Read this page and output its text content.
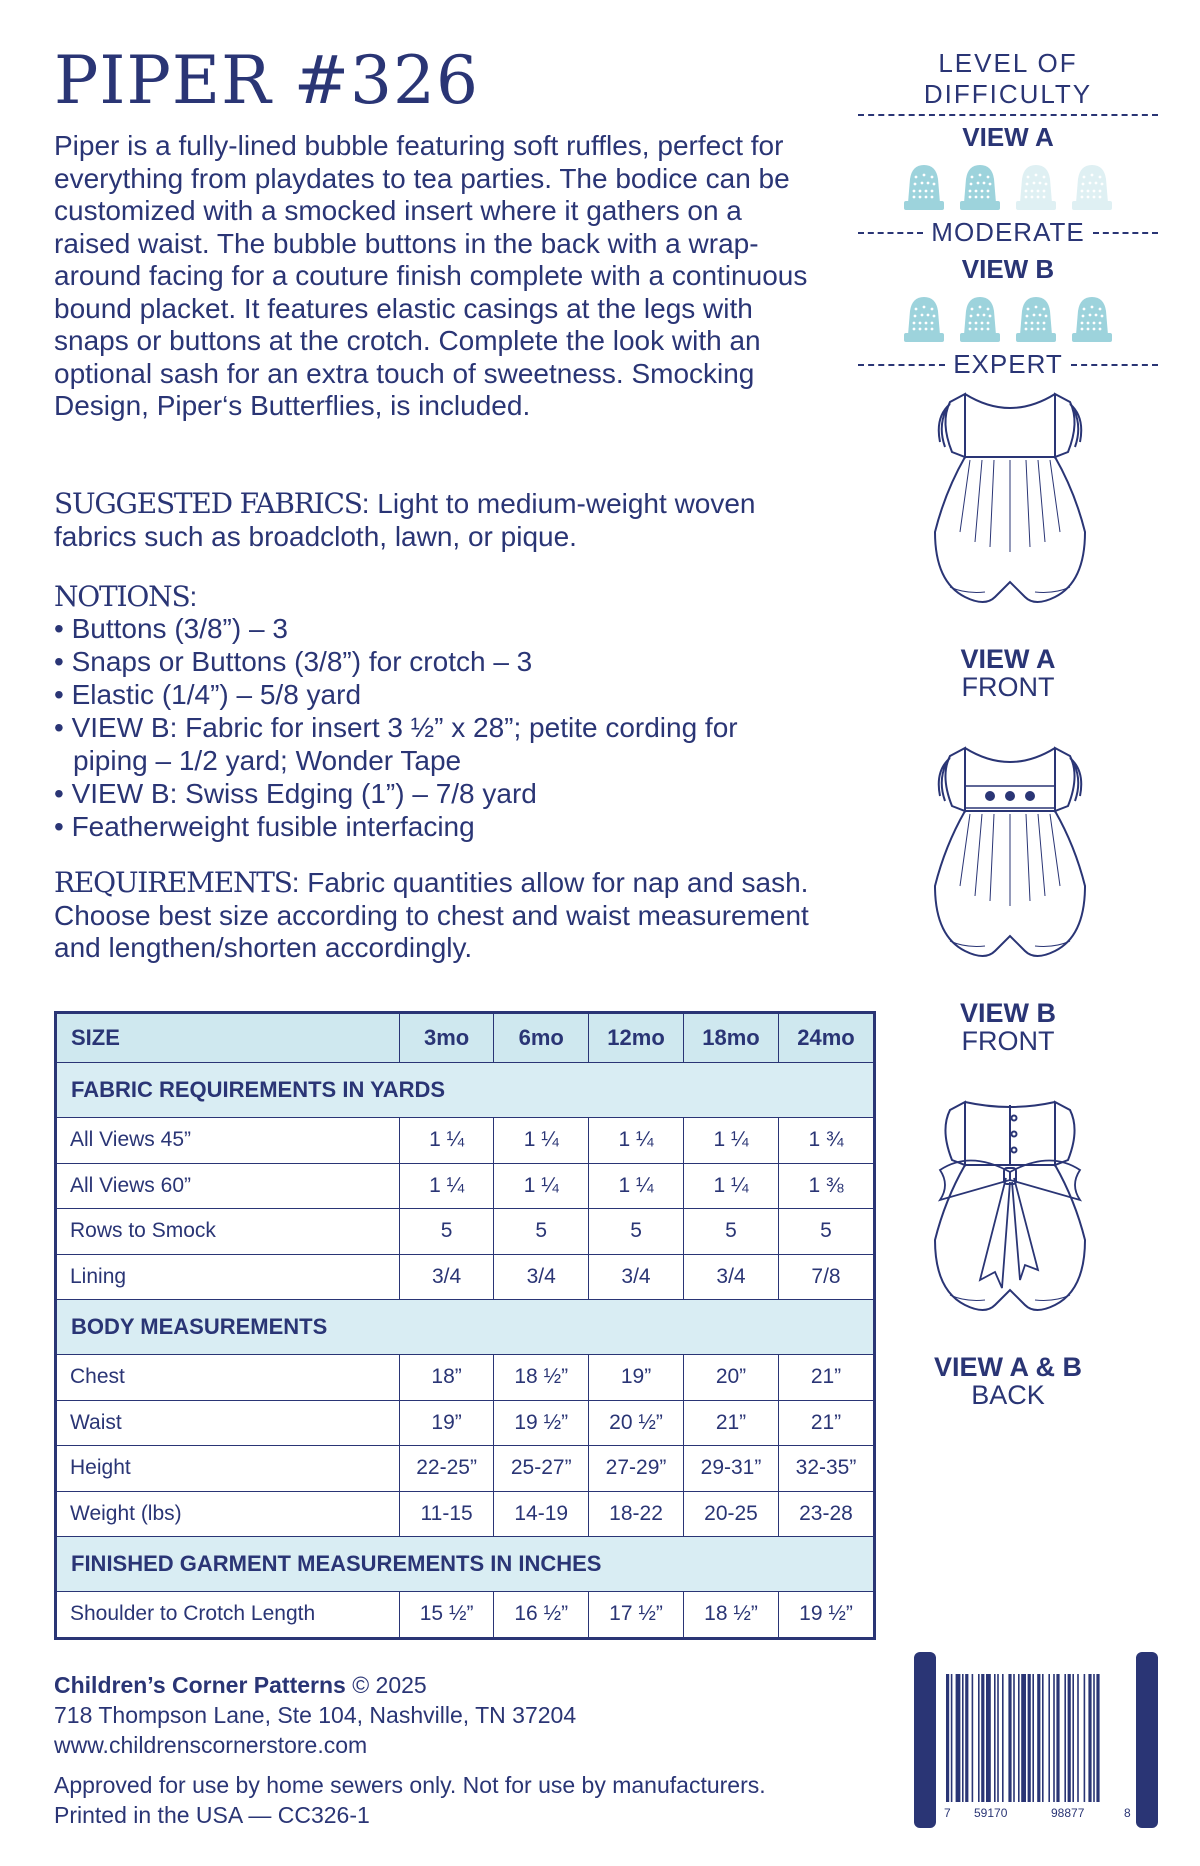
PIPER #326

Piper is a fully-lined bubble featuring soft ruffles, perfect for everything from playdates to tea parties. The bodice can be customized with a smocked insert where it gathers on a raised waist. The bubble buttons in the back with a wrap-around facing for a couture finish complete with a continuous bound placket. It features elastic casings at the legs with snaps or buttons at the crotch. Complete the look with an optional sash for an extra touch of sweetness. Smocking Design, Piper‘s Butterflies, is included.

SUGGESTED FABRICS: Light to medium-weight woven fabrics such as broadcloth, lawn, or pique.

NOTIONS:

• Buttons (3/8”) – 3
• Snaps or Buttons (3/8”) for crotch – 3
• Elastic (1/4”) – 5/8 yard
• VIEW B: Fabric for insert 3 ½” x 28”; petite cording for piping – 1/2 yard; Wonder Tape
• VIEW B: Swiss Edging (1”) – 7/8 yard
• Featherweight fusible interfacing

REQUIREMENTS: Fabric quantities allow for nap and sash. Choose best size according to chest and waist measurement and lengthen/shorten accordingly.

SIZE	3mo	6mo	12mo	18mo	24mo
FABRIC REQUIREMENTS IN YARDS					
All Views 45”	1 ¼	1 ¼	1 ¼	1 ¼	1 ¾
All Views 60”	1 ¼	1 ¼	1 ¼	1 ¼	1 ⅜
Rows to Smock	5	5	5	5	5
Lining	3/4	3/4	3/4	3/4	7/8
BODY MEASUREMENTS					
Chest	18”	18 ½”	19”	20”	21”
Waist	19”	19 ½”	20 ½”	21”	21”
Height	22-25”	25-27”	27-29”	29-31”	32-35”
Weight (lbs)	11-15	14-19	18-22	20-25	23-28
FINISHED GARMENT MEASUREMENTS IN INCHES					
Shoulder to Crotch Length	15 ½”	16 ½”	17 ½”	18 ½”	19 ½”
Children’s Corner Patterns © 2025
718 Thompson Lane, Ste 104, Nashville, TN 37204
www.childrenscornerstore.com
Approved for use by home sewers only. Not for use by manufacturers.
Printed in the USA — CC326-1
LEVEL OF DIFFICULTY
VIEW A
MODERATE
VIEW B
EXPERT
VIEW A
FRONT
VIEW B
FRONT
VIEW A & B
BACK
7 59170	98877	8
